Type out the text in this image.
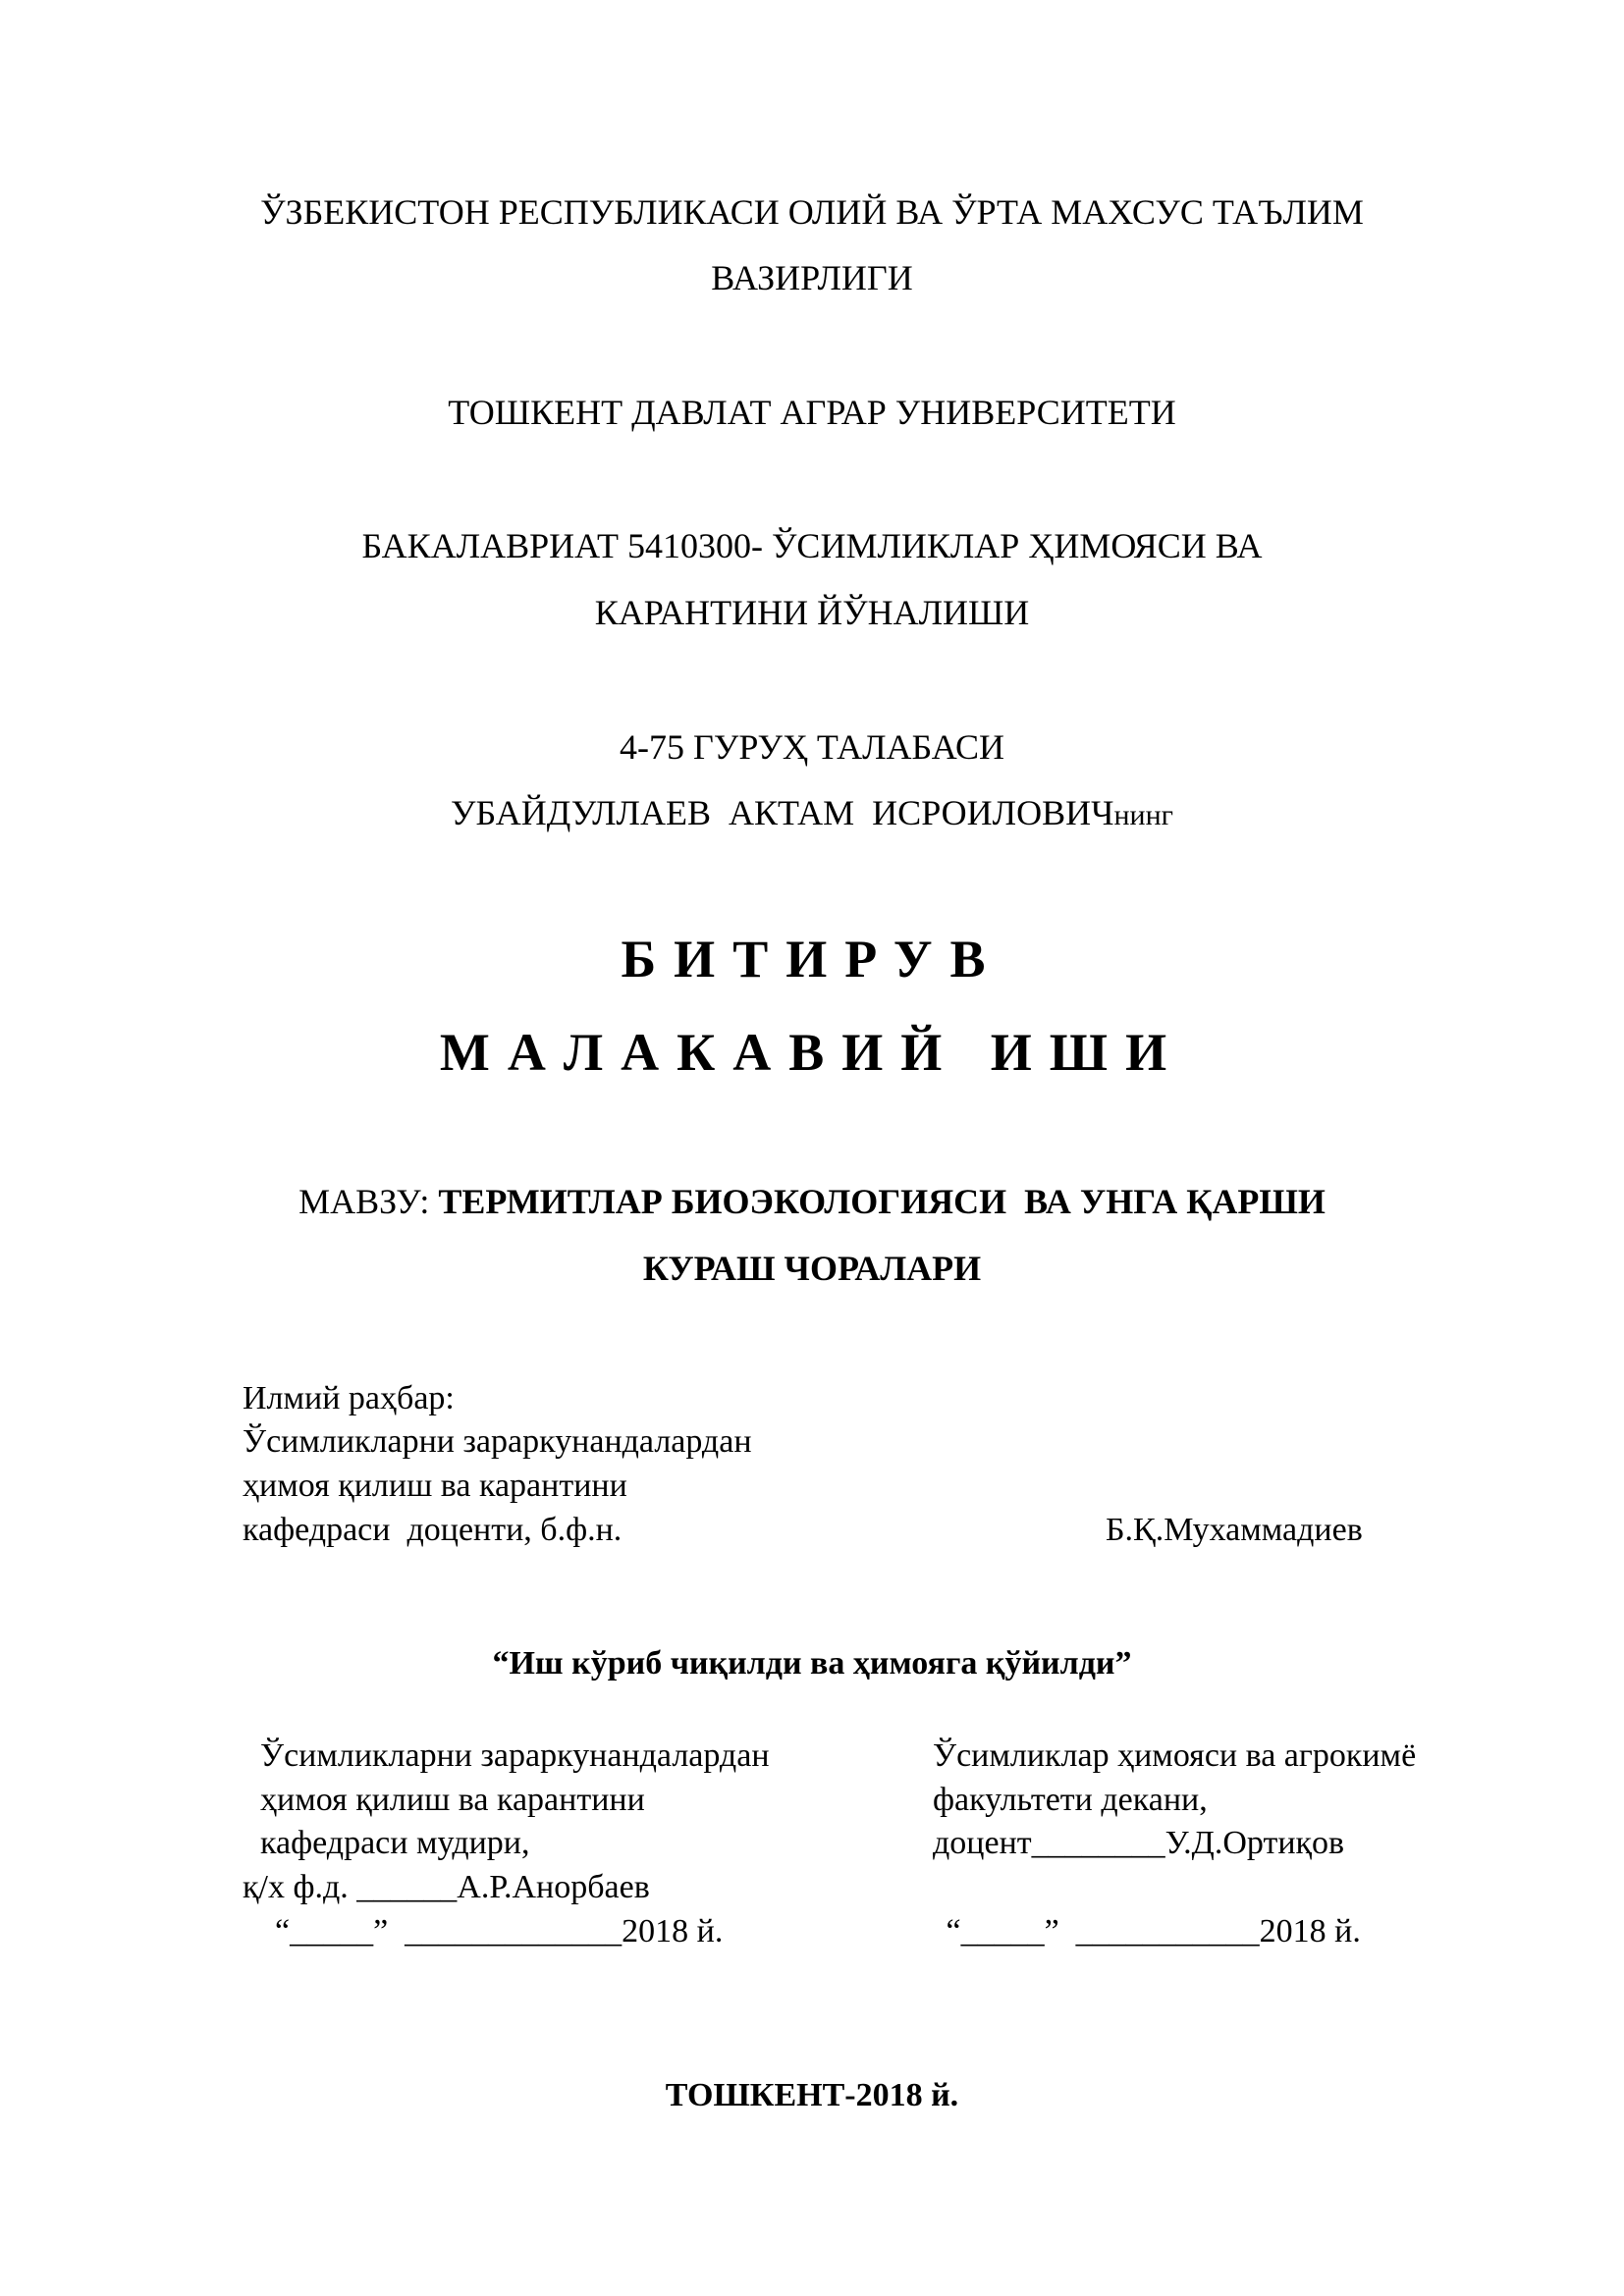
ЎЗБЕКИСТОН РЕСПУБЛИКАСИ ОЛИЙ ВА ЎРТА МАХСУС ТАЪЛИМ
ВАЗИРЛИГИ
ТОШКЕНТ ДАВЛАТ АГРАР УНИВЕРСИТЕТИ
БАКАЛАВРИАТ 5410300- ЎСИМЛИКЛАР ҲИМОЯСИ ВА
КАРАНТИНИ ЙЎНАЛИШИ
4-75 ГУРУҲ ТАЛАБАСИ
УБАЙДУЛЛАЕВ  АКТАМ  ИСРОИЛОВИЧнинг
БИТИРУВ
МАЛАКАВИЙ ИШИ
МАВЗУ: ТЕРМИТЛАР БИОЭКОЛОГИЯСИ  ВА УНГА ҚАРШИ
КУРАШ ЧОРАЛАРИ
Илмий раҳбар:
Ўсимликларни зараркунандалардан
ҳимоя қилиш ва карантини
кафедраси  доценти, б.ф.н.	Б.Қ.Мухаммадиев
“Иш кўриб чиқилди ва ҳимояга қўйилди”
Ўсимликларни зараркунандалардан
ҳимоя қилиш ва карантини
кафедраси мудири,
қ/х ф.д. ______А.Р.Анорбаев
“_____”  _____________2018 й.
Ўсимликлар ҳимояси ва агрокимё
факультети декани,
доцент________У.Д.Ортиқов
“_____”  ___________2018 й.
ТОШКЕНТ-2018 й.
